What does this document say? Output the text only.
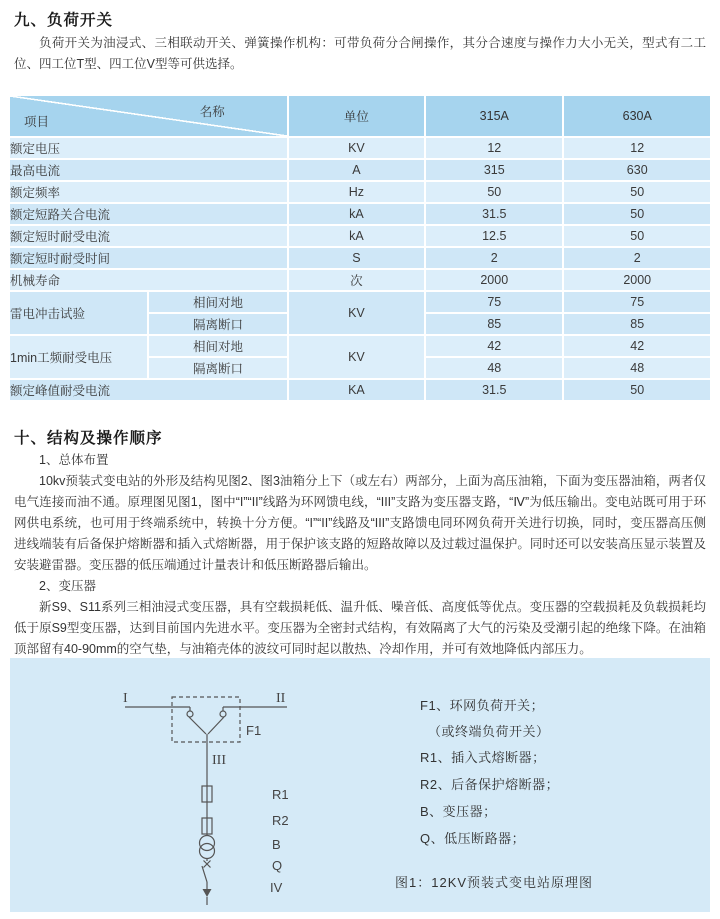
九、负荷开关
负荷开关为油浸式、三相联动开关、弹簧操作机构：可带负荷分合闸操作，其分合速度与操作力大小无关，型式有二工位、四工位T型、四工位V型等可供选择。
名称
项目		单位	315A	630A
额定电压		KV	12	12
最高电流		A	315	630
额定频率		Hz	50	50
额定短路关合电流		kA	31.5	50
额定短时耐受电流		kA	12.5	50
额定短时耐受时间		S	2	2
机械寿命		次	2000	2000
雷电冲击试验	相间对地	KV	75	75
	隔离断口		85	85
1min工频耐受电压	相间对地	KV	42	42
	隔离断口		48	48
额定峰值耐受电流		KA	31.5	50
十、结构及操作顺序

1、总体布置

10kv预装式变电站的外形及结构见图2、图3油箱分上下（或左右）两部分，上面为高压油箱，下面为变压器油箱，两者仅电气连接而油不通。原理图见图1，图中“I”“II”线路为环网馈电线，“III”支路为变压器支路，“Ⅳ”为低压输出。变电站既可用于环网供电系统，也可用于终端系统中，转换十分方便。“I”“II”线路及“III”支路馈电同环网负荷开关进行切换，同时，变压器高压侧进线端装有后备保护熔断器和插入式熔断器，用于保护该支路的短路故障以及过载过温保护。同时还可以安装高压显示装置及安装避雷器。变压器的低压端通过计量表计和低压断路器后输出。

2、变压器

新S9、S11系列三相油浸式变压器，具有空载损耗低、温升低、噪音低、高度低等优点。变压器的空载损耗及负载损耗均低于原S9型变压器，达到目前国内先进水平。变压器为全密封式结构，有效隔离了大气的污染及受潮引起的绝缘下降。在油箱顶部留有40-90mm的空气垫，与油箱壳体的波纹可同时起以散热、冷却作用，并可有效地降低内部压力。

I	II
III
F1
R1
R2
B
Q
IV
F1、环网负荷开关；
（或终端负荷开关）
R1、插入式熔断器；
R2、后备保护熔断器；
B、变压器；
Q、低压断路器；
图1：12KV预装式变电站原理图
